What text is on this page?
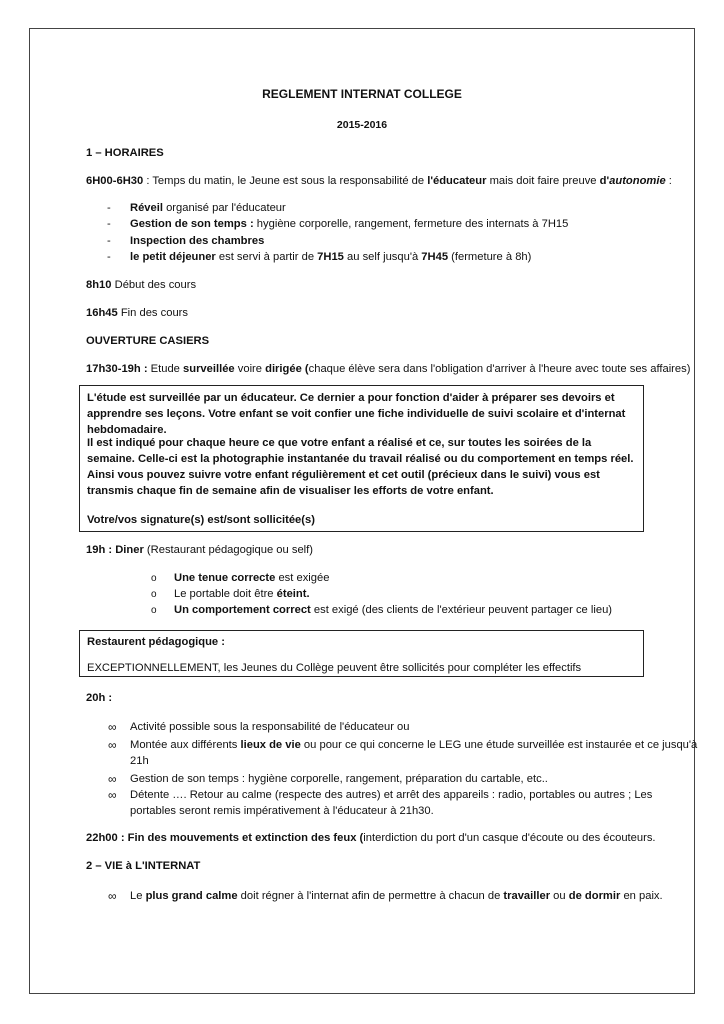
REGLEMENT INTERNAT COLLEGE
2015-2016
1 – HORAIRES
6H00-6H30 : Temps du matin, le Jeune est sous la responsabilité de l'éducateur mais doit faire preuve d'autonomie :
- Réveil organisé par l'éducateur
- Gestion de son temps : hygiène corporelle, rangement, fermeture des internats à 7H15
- Inspection des chambres
- le petit déjeuner est servi à partir de 7H15 au self jusqu'à 7H45 (fermeture à 8h)
8h10 Début des cours
16h45 Fin des cours
OUVERTURE CASIERS
17h30-19h : Etude surveillée voire dirigée (chaque élève sera dans l'obligation d'arriver à l'heure avec toute ses affaires)
L'étude est surveillée par un éducateur. Ce dernier a pour fonction d'aider à préparer ses devoirs et apprendre ses leçons. Votre enfant se voit confier une fiche individuelle de suivi scolaire et d'internat hebdomadaire.
Il est indiqué pour chaque heure ce que votre enfant a réalisé et ce, sur toutes les soirées de la semaine. Celle-ci est la photographie instantanée du travail réalisé ou du comportement en temps réel. Ainsi vous pouvez suivre votre enfant régulièrement et cet outil (précieux dans le suivi) vous est transmis chaque fin de semaine afin de visualiser les efforts de votre enfant.
Votre/vos signature(s) est/sont sollicitée(s)
19h : Diner (Restaurant pédagogique ou self)
o Une tenue correcte est exigée
o Le portable doit être éteint.
o Un comportement correct est exigé (des clients de l'extérieur peuvent partager ce lieu)
Restaurent pédagogique :
EXCEPTIONNELLEMENT, les Jeunes du Collège peuvent être sollicités pour compléter les effectifs
20h :
∞ Activité possible sous la responsabilité de l'éducateur ou
∞ Montée aux différents lieux de vie ou pour ce qui concerne le LEG une étude surveillée est instaurée et ce jusqu'à
21h
∞ Gestion de son temps : hygiène corporelle, rangement, préparation du cartable, etc..
∞ Détente …. Retour au calme (respecte des autres) et arrêt des appareils : radio, portables ou autres ; Les
portables seront remis impérativement à l'éducateur à 21h30.
22h00 : Fin des mouvements et extinction des feux (interdiction du port d'un casque d'écoute ou des écouteurs.
2 – VIE à L'INTERNAT
∞ Le plus grand calme doit régner à l'internat afin de permettre à chacun de travailler ou de dormir en paix.
